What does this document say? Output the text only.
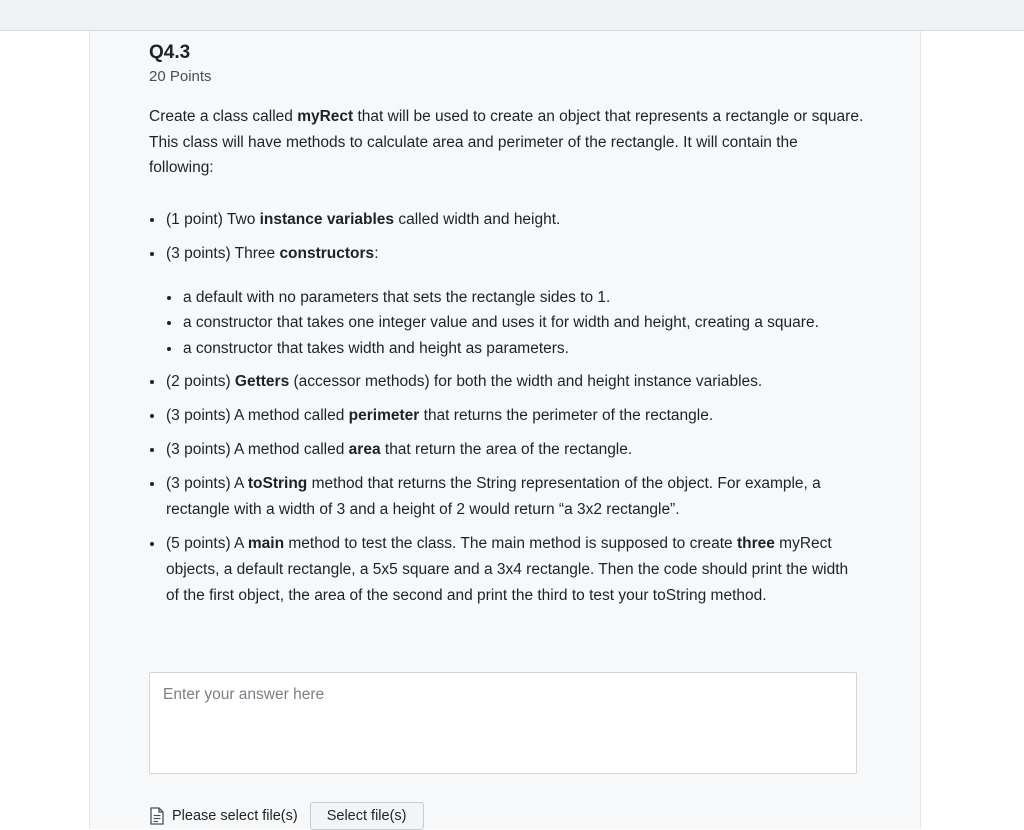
Q4.3
20 Points

Create a class called myRect that will be used to create an object that represents a rectangle or square. This class will have methods to calculate area and perimeter of the rectangle. It will contain the following:

(1 point) Two instance variables called width and height.
(3 points) Three constructors:
a default with no parameters that sets the rectangle sides to 1.
a constructor that takes one integer value and uses it for width and height, creating a square.
a constructor that takes width and height as parameters.
(2 points) Getters (accessor methods) for both the width and height instance variables.
(3 points) A method called perimeter that returns the perimeter of the rectangle.
(3 points) A method called area that return the area of the rectangle.
(3 points) A toString method that returns the String representation of the object. For example, a rectangle with a width of 3 and a height of 2 would return “a 3x2 rectangle”.
(5 points) A main method to test the class. The main method is supposed to create three myRect objects, a default rectangle, a 5x5 square and a 3x4 rectangle. Then the code should print the width of the first object, the area of the second and print the third to test your toString method.
Enter your answer here
Please select file(s)	Select file(s)
